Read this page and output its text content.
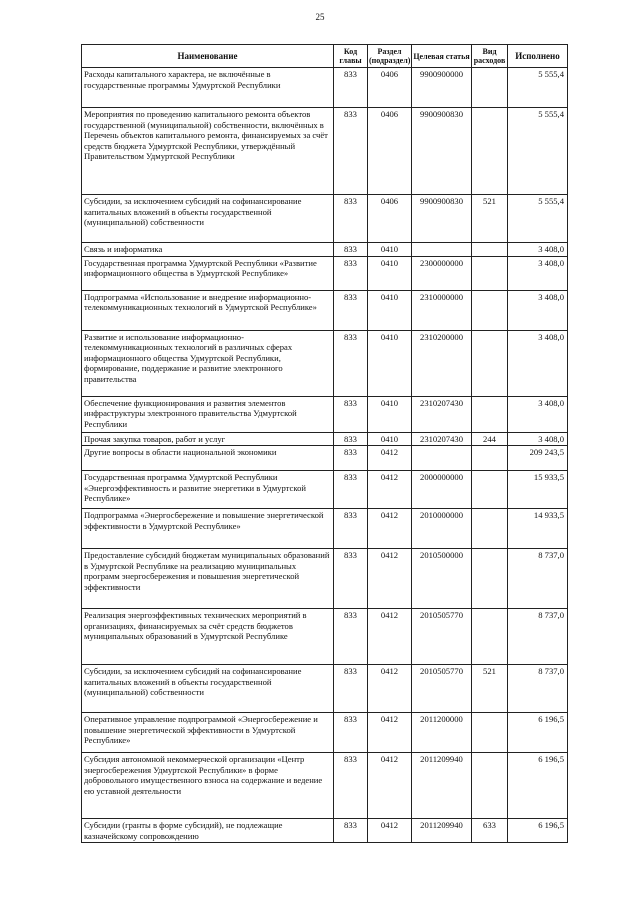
25
Наименование	Код главы	Раздел (подраздел)	Целевая статья	Вид расходов	Исполнено
Расходы капитального характера, не включённые в государственные программы Удмуртской Республики	833	0406	9900900000		5 555,4
Мероприятия по проведению капитального ремонта объектов государственной (муниципальной) собственности, включённых в Перечень объектов капитального ремонта, финансируемых за счёт средств бюджета Удмуртской Республики, утверждённый Правительством Удмуртской Республики	833	0406	9900900830		5 555,4
Субсидии, за исключением субсидий на софинансирование капитальных вложений в объекты государственной (муниципальной) собственности	833	0406	9900900830	521	5 555,4
Связь и информатика	833	0410			3 408,0
Государственная программа Удмуртской Республики «Развитие информационного общества в Удмуртской Республике»	833	0410	2300000000		3 408,0
Подпрограмма «Использование и внедрение информационно-телекоммуникационных технологий в Удмуртской Республике»	833	0410	2310000000		3 408,0
Развитие и использование информационно-телекоммуникационных технологий в различных сферах информационного общества Удмуртской Республики, формирование, поддержание и развитие электронного правительства	833	0410	2310200000		3 408,0
Обеспечение функционирования и развития элементов инфраструктуры электронного правительства Удмуртской Республики	833	0410	2310207430		3 408,0
Прочая закупка товаров, работ и услуг	833	0410	2310207430	244	3 408,0
Другие вопросы в области национальной экономики	833	0412			209 243,5
Государственная программа Удмуртской Республики «Энергоэффективность и развитие энергетики в Удмуртской Республике»	833	0412	2000000000		15 933,5
Подпрограмма «Энергосбережение и повышение энергетической эффективности в Удмуртской Республике»	833	0412	2010000000		14 933,5
Предоставление субсидий бюджетам муниципальных образований в Удмуртской Республике на реализацию муниципальных программ энергосбережения и повышения энергетической эффективности	833	0412	2010500000		8 737,0
Реализация энергоэффективных технических мероприятий в организациях, финансируемых за счёт средств бюджетов муниципальных образований в Удмуртской Республике	833	0412	2010505770		8 737,0
Субсидии, за исключением субсидий на софинансирование капитальных вложений в объекты государственной (муниципальной) собственности	833	0412	2010505770	521	8 737,0
Оперативное управление подпрограммой «Энергосбережение и повышение энергетической эффективности в Удмуртской Республике»	833	0412	2011200000		6 196,5
Субсидия автономной некоммерческой организации «Центр энергосбережения Удмуртской Республики» в форме добровольного имущественного взноса на содержание и ведение ею уставной деятельности	833	0412	2011209940		6 196,5
Субсидии (гранты в форме субсидий), не подлежащие казначейскому сопровождению	833	0412	2011209940	633	6 196,5
